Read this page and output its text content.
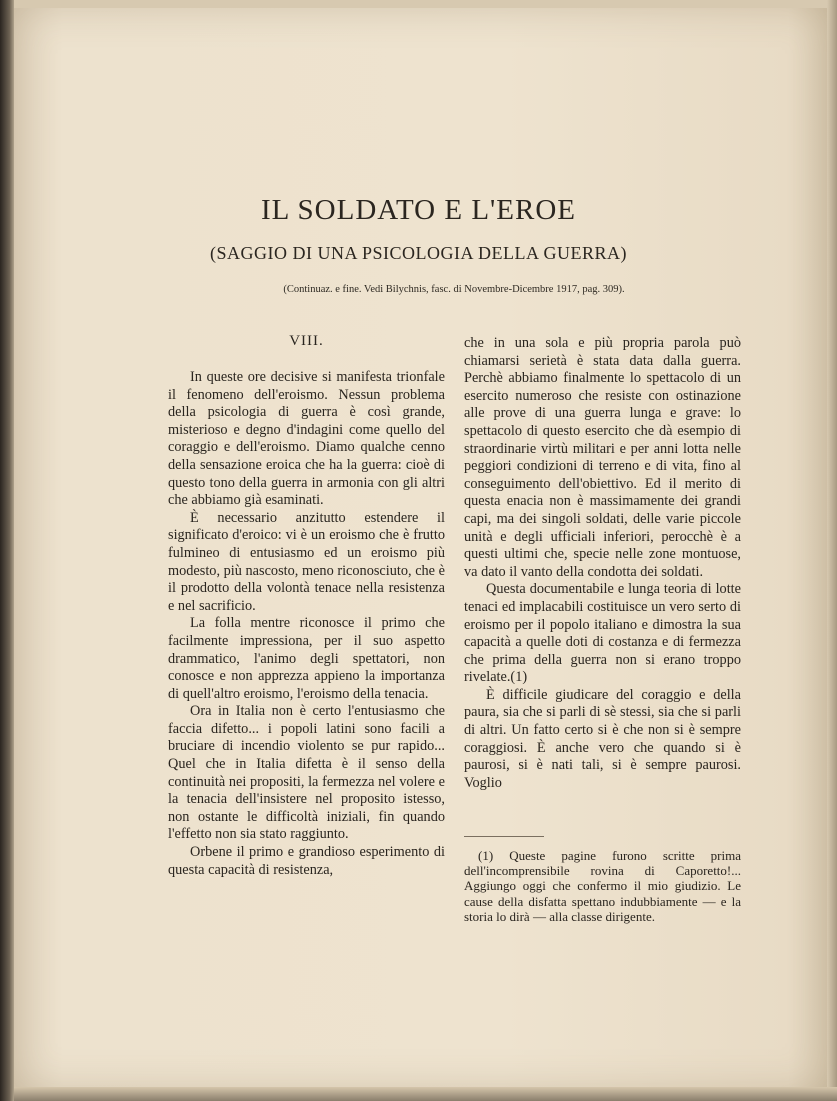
IL SOLDATO E L'EROE
(SAGGIO DI UNA PSICOLOGIA DELLA GUERRA)
(Continuaz. e fine. Vedi Bilychnis, fasc. di Novembre-Dicembre 1917, pag. 309).
VIII.

In queste ore decisive si manifesta trionfale il fenomeno dell'eroismo. Nessun problema della psicologia di guerra è così grande, misterioso e degno d'indagini come quello del coraggio e dell'eroismo. Diamo qualche cenno della sensazione eroica che ha la guerra: cioè di questo tono della guerra in armonia con gli altri che abbiamo già esaminati.

È necessario anzitutto estendere il significato d'eroico: vi è un eroismo che è frutto fulmineo di entusiasmo ed un eroismo più modesto, più nascosto, meno riconosciuto, che è il prodotto della volontà tenace nella resistenza e nel sacrificio.

La folla mentre riconosce il primo che facilmente impressiona, per il suo aspetto drammatico, l'animo degli spettatori, non conosce e non apprezza appieno la importanza di quell'altro eroismo, l'eroismo della tenacia.

Ora in Italia non è certo l'entusiasmo che faccia difetto... i popoli latini sono facili a bruciare di incendio violento se pur rapido... Quel che in Italia difetta è il senso della continuità nei propositi, la fermezza nel volere e la tenacia dell'insistere nel proposito istesso, non ostante le difficoltà iniziali, fin quando l'effetto non sia stato raggiunto.

Orbene il primo e grandioso esperimento di questa capacità di resistenza,

che in una sola e più propria parola può chiamarsi serietà è stata data dalla guerra. Perchè abbiamo finalmente lo spettacolo di un esercito numeroso che resiste con ostinazione alle prove di una guerra lunga e grave: lo spettacolo di questo esercito che dà esempio di straordinarie virtù militari e per anni lotta nelle peggiori condizioni di terreno e di vita, fino al conseguimento dell'obiettivo. Ed il merito di questa enacia non è massimamente dei grandi capi, ma dei singoli soldati, delle varie piccole unità e degli ufficiali inferiori, perocchè è a questi ultimi che, specie nelle zone montuose, va dato il vanto della condotta dei soldati.

Questa documentabile e lunga teoria di lotte tenaci ed implacabili costituisce un vero serto di eroismo per il popolo italiano e dimostra la sua capacità a quelle doti di costanza e di fermezza che prima della guerra non si erano troppo rivelate.(1)

È difficile giudicare del coraggio e della paura, sia che si parli di sè stessi, sia che si parli di altri. Un fatto certo si è che non si è sempre coraggiosi. È anche vero che quando si è paurosi, si è nati tali, si è sempre paurosi. Voglio

(1) Queste pagine furono scritte prima dell'incomprensibile rovina di Caporetto!... Aggiungo oggi che confermo il mio giudizio. Le cause della disfatta spettano indubbiamente — e la storia lo dirà — alla classe dirigente.
